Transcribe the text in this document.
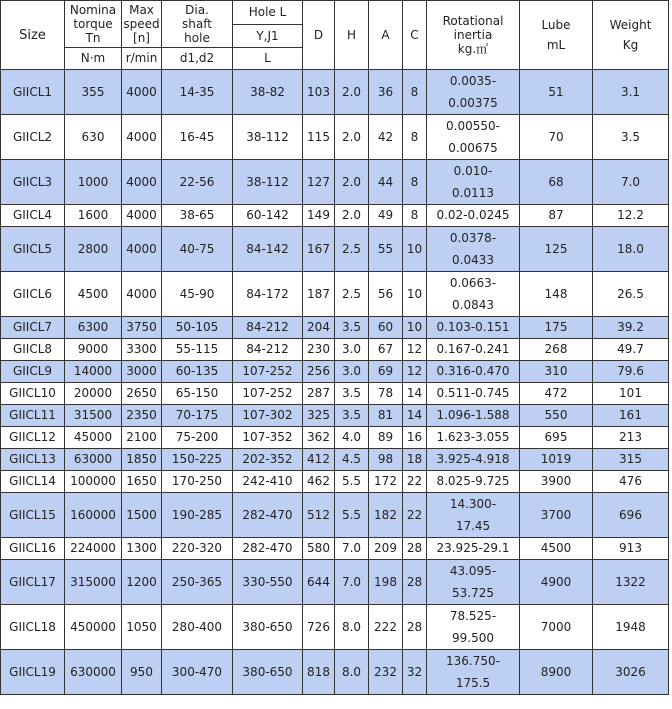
Size	Nomina
torque
Tn	Max
speed
[n]	Dia.
shaft
hole	Hole L	D	H	A	C	Rotational
inertia
kg.㎡	Lube
mL	Weight
Kg

				Y,J1							
	N·m	r/min	d1,d2	L							
GIICL1	355	4000	14-35	38-82	103	2.0	36	8	0.0035-
0.00375	51	3.1
GIICL2	630	4000	16-45	38-112	115	2.0	42	8	0.00550-
0.00675	70	3.5
GIICL3	1000	4000	22-56	38-112	127	2.0	44	8	0.010-
0.0113	68	7.0
GIICL4	1600	4000	38-65	60-142	149	2.0	49	8	0.02-0.0245	87	12.2
GIICL5	2800	4000	40-75	84-142	167	2.5	55	10	0.0378-
0.0433	125	18.0
GIICL6	4500	4000	45-90	84-172	187	2.5	56	10	0.0663-
0.0843	148	26.5
GIICL7	6300	3750	50-105	84-212	204	3.5	60	10	0.103-0.151	175	39.2
GIICL8	9000	3300	55-115	84-212	230	3.0	67	12	0.167-0.241	268	49.7
GIICL9	14000	3000	60-135	107-252	256	3.0	69	12	0.316-0.470	310	79.6
GIICL10	20000	2650	65-150	107-252	287	3.5	78	14	0.511-0.745	472	101
GIICL11	31500	2350	70-175	107-302	325	3.5	81	14	1.096-1.588	550	161
GIICL12	45000	2100	75-200	107-352	362	4.0	89	16	1.623-3.055	695	213
GIICL13	63000	1850	150-225	202-352	412	4.5	98	18	3.925-4.918	1019	315
GIICL14	100000	1650	170-250	242-410	462	5.5	172	22	8.025-9.725	3900	476
GIICL15	160000	1500	190-285	282-470	512	5.5	182	22	14.300-
17.45	3700	696
GIICL16	224000	1300	220-320	282-470	580	7.0	209	28	23.925-29.1	4500	913
GIICL17	315000	1200	250-365	330-550	644	7.0	198	28	43.095-
53.725	4900	1322
GIICL18	450000	1050	280-400	380-650	726	8.0	222	28	78.525-
99.500	7000	1948
GIICL19	630000	950	300-470	380-650	818	8.0	232	32	136.750-
175.5	8900	3026
